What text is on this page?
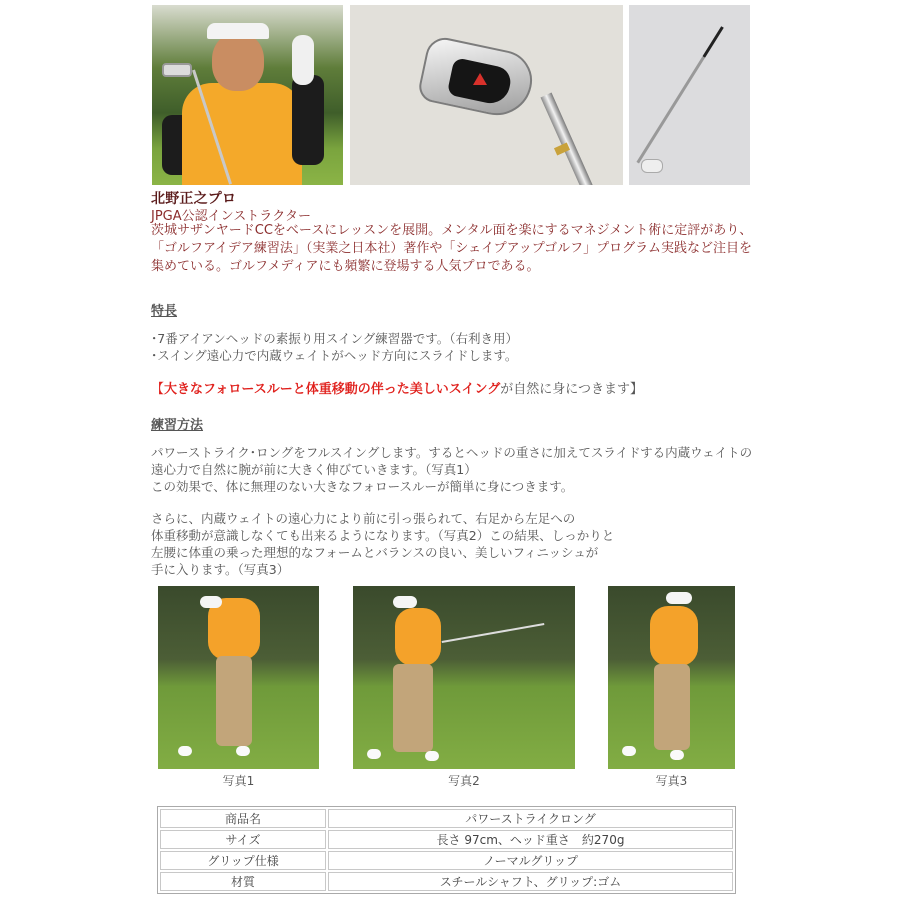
北野正之プロ
JPGA公認インストラクター
茨城サザンヤードCCをベースにレッスンを展開。メンタル面を楽にするマネジメント術に定評があり、「ゴルフアイデア練習法」（実業之日本社）著作や「シェイプアップゴルフ」プログラム実践など注目を集めている。ゴルフメディアにも頻繁に登場する人気プロである。
特長
･7番アイアンヘッドの素振り用スイング練習器です。（右利き用）
･スイング遠心力で内蔵ウェイトがヘッド方向にスライドします。
【大きなフォロースルーと体重移動の伴った美しいスイングが自然に身につきます】
練習方法
パワーストライク･ロングをフルスイングします。するとヘッドの重さに加えてスライドする内蔵ウェイトの
遠心力で自然に腕が前に大きく伸びていきます。（写真1）
この効果で、体に無理のない大きなフォロースルーが簡単に身につきます。
さらに、内蔵ウェイトの遠心力により前に引っ張られて、右足から左足への
体重移動が意識しなくても出来るようになります。（写真2）この結果、しっかりと
左腰に体重の乗った理想的なフォームとバランスの良い、美しいフィニッシュが
手に入ります。（写真3）
写真1	写真2	写真3
商品名	パワーストライクロング
サイズ	長さ 97cm、ヘッド重さ　約270g
グリップ仕様	ノーマルグリップ
材質	スチールシャフト、グリップ:ゴム
